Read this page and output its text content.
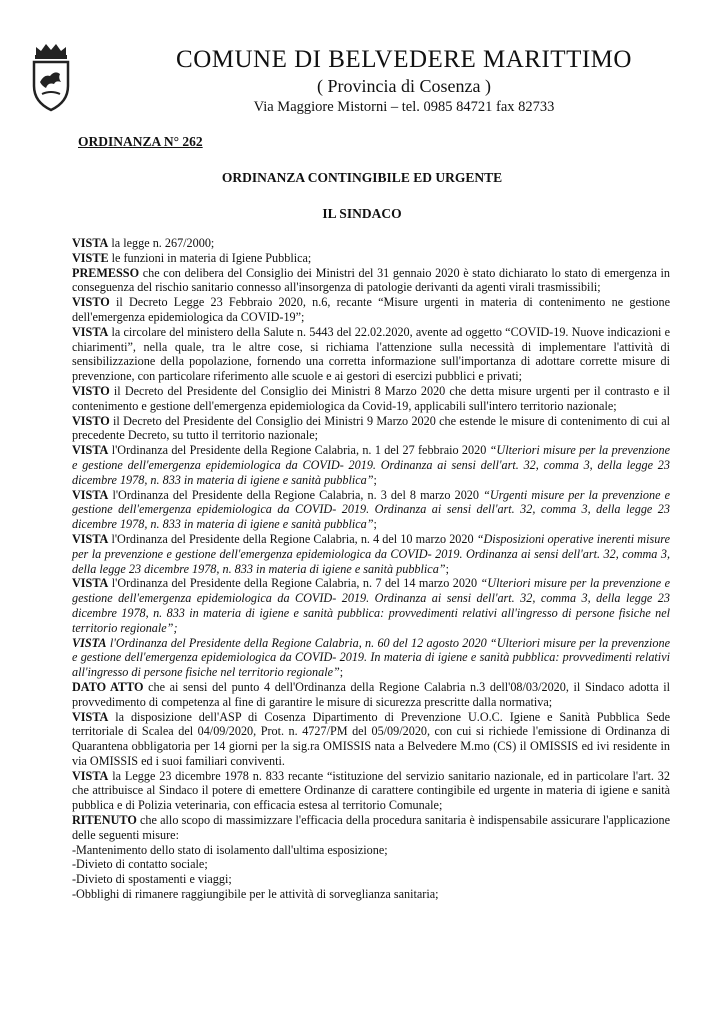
COMUNE DI BELVEDERE MARITTIMO
( Provincia di Cosenza )
Via Maggiore Mistorni – tel. 0985 84721 fax 82733
ORDINANZA N° 262
ORDINANZA CONTINGIBILE ED URGENTE
IL SINDACO

VISTA la legge n. 267/2000;

VISTE le funzioni in materia di Igiene Pubblica;

PREMESSO che con delibera del Consiglio dei Ministri del 31 gennaio 2020 è stato dichiarato lo stato di emergenza in conseguenza del rischio sanitario connesso all'insorgenza di patologie derivanti da agenti virali trasmissibili;

VISTO il Decreto Legge 23 Febbraio 2020, n.6, recante “Misure urgenti in materia di contenimento ne gestione dell'emergenza epidemiologica da COVID-19”;

VISTA la circolare del ministero della Salute n. 5443 del 22.02.2020, avente ad oggetto “COVID-19. Nuove indicazioni e chiarimenti”, nella quale, tra le altre cose, si richiama l'attenzione sulla necessità di implementare l'attività di sensibilizzazione della popolazione, fornendo una corretta informazione sull'importanza di adottare corrette misure di prevenzione, con particolare riferimento alle scuole e ai gestori di esercizi pubblici e privati;

VISTO il Decreto del Presidente del Consiglio dei Ministri 8 Marzo 2020 che detta misure urgenti per il contrasto e il contenimento e gestione dell'emergenza epidemiologica da Covid-19, applicabili sull'intero territorio nazionale;

VISTO il Decreto del Presidente del Consiglio dei Ministri 9 Marzo 2020 che estende le misure di contenimento di cui al precedente Decreto, su tutto il territorio nazionale;

VISTA l'Ordinanza del Presidente della Regione Calabria, n. 1 del 27 febbraio 2020 “Ulteriori misure per la prevenzione e gestione dell'emergenza epidemiologica da COVID- 2019. Ordinanza ai sensi dell'art. 32, comma 3, della legge 23 dicembre 1978, n. 833 in materia di igiene e sanità pubblica”;

VISTA l'Ordinanza del Presidente della Regione Calabria, n. 3 del 8 marzo 2020 “Urgenti misure per la prevenzione e gestione dell'emergenza epidemiologica da COVID- 2019. Ordinanza ai sensi dell'art. 32, comma 3, della legge 23 dicembre 1978, n. 833 in materia di igiene e sanità pubblica”;

VISTA l'Ordinanza del Presidente della Regione Calabria, n. 4 del 10 marzo 2020 “Disposizioni operative inerenti misure per la prevenzione e gestione dell'emergenza epidemiologica da COVID- 2019. Ordinanza ai sensi dell'art. 32, comma 3, della legge 23 dicembre 1978, n. 833 in materia di igiene e sanità pubblica”;

VISTA l'Ordinanza del Presidente della Regione Calabria, n. 7 del 14 marzo 2020 “Ulteriori misure per la prevenzione e gestione dell'emergenza epidemiologica da COVID- 2019. Ordinanza ai sensi dell'art. 32, comma 3, della legge 23 dicembre 1978, n. 833 in materia di igiene e sanità pubblica: provvedimenti relativi all'ingresso di persone fisiche nel territorio regionale”;

VISTA l'Ordinanza del Presidente della Regione Calabria, n. 60 del 12 agosto 2020 “Ulteriori misure per la prevenzione e gestione dell'emergenza epidemiologica da COVID- 2019. In materia di igiene e sanità pubblica: provvedimenti relativi all'ingresso di persone fisiche nel territorio regionale”;

DATO ATTO che ai sensi del punto 4 dell'Ordinanza della Regione Calabria n.3 dell'08/03/2020, il Sindaco adotta il provvedimento di competenza al fine di garantire le misure di sicurezza prescritte dalla normativa;

VISTA la disposizione dell'ASP di Cosenza Dipartimento di Prevenzione U.O.C. Igiene e Sanità Pubblica Sede territoriale di Scalea del 04/09/2020, Prot. n. 4727/PM del 05/09/2020, con cui si richiede l'emissione di Ordinanza di Quarantena obbligatoria per 14 giorni per la sig.ra OMISSIS nata a Belvedere M.mo (CS) il OMISSIS ed ivi residente in via OMISSIS ed i suoi familiari conviventi.

VISTA la Legge 23 dicembre 1978 n. 833 recante “istituzione del servizio sanitario nazionale, ed in particolare l'art. 32 che attribuisce al Sindaco il potere di emettere Ordinanze di carattere contingibile ed urgente in materia di igiene e sanità pubblica e di Polizia veterinaria, con efficacia estesa al territorio Comunale;

RITENUTO che allo scopo di massimizzare l'efficacia della procedura sanitaria è indispensabile assicurare l'applicazione delle seguenti misure:

-Mantenimento dello stato di isolamento dall'ultima esposizione;

-Divieto di contatto sociale;

-Divieto di spostamenti e viaggi;

-Obblighi di rimanere raggiungibile per le attività di sorveglianza sanitaria;
